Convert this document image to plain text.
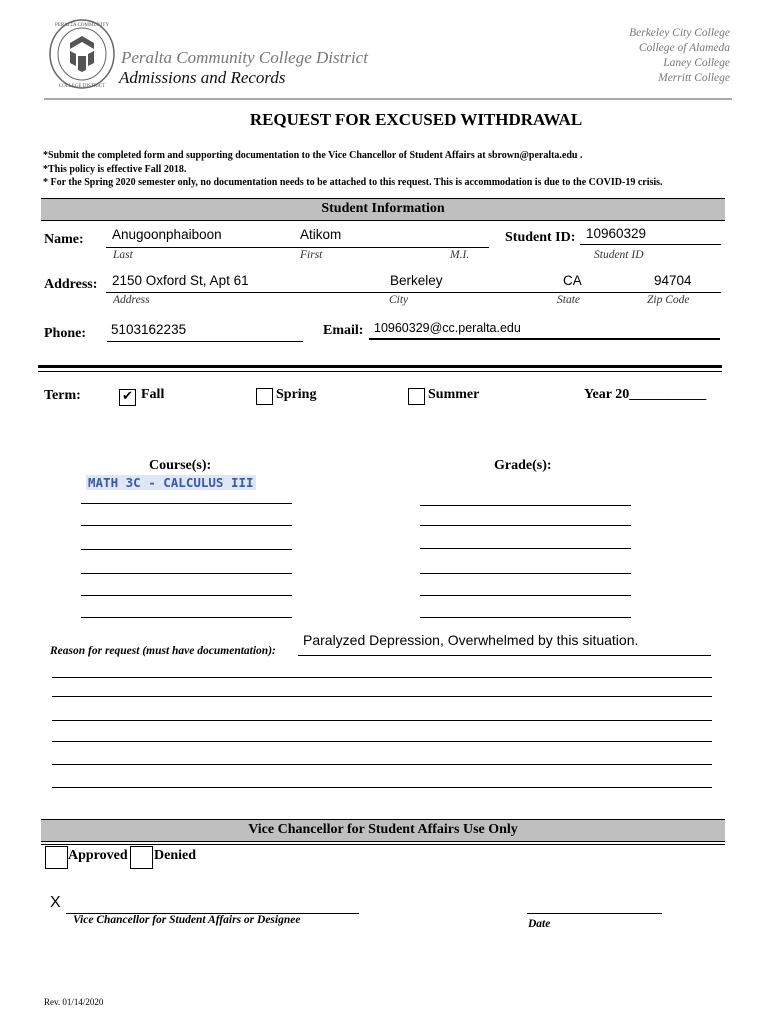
PERALTA COMMUNITY
COLLEGE DISTRICT
Peralta Community College District
Admissions and Records
Berkeley City College
College of Alameda
Laney College
Merritt College
REQUEST FOR EXCUSED WITHDRAWAL
*Submit the completed form and supporting documentation to the Vice Chancellor of Student Affairs at sbrown@peralta.edu .
*This policy is effective Fall 2018.
* For the Spring 2020 semester only, no documentation needs to be attached to this request. This is accommodation is due to the COVID-19 crisis.
Student Information
Name: Anugoonphaiboon	Atikom
Last	First	M.I.
Student ID: 10960329
Student ID
Address: 2150 Oxford St, Apt 61	Berkeley	CA	94704
Address	City	State	Zip Code
Phone: 5103162235	Email: 10960329@cc.peralta.edu
Term:	✔ Fall	Spring	Summer	Year 20___________
Course(s):	Grade(s):
MATH 3C - CALCULUS III
Reason for request (must have documentation):
Paralyzed Depression, Overwhelmed by this situation.
Vice Chancellor for Student Affairs Use Only
Approved Denied
X
Vice Chancellor for Student Affairs or Designee	Date
Rev. 01/14/2020
